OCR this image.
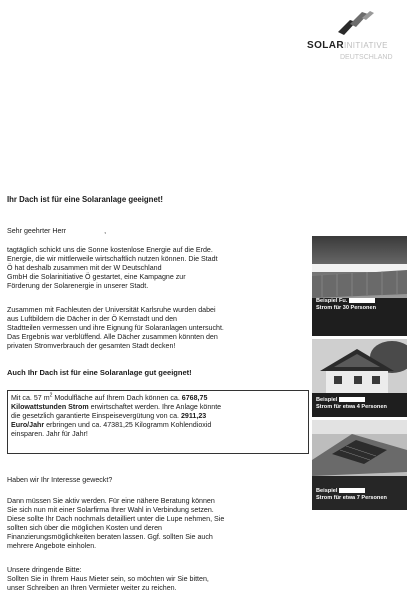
SOLARINITIATIVE
DEUTSCHLAND
Ihr Dach ist für eine Solaranlage geeignet!
Sehr geehrter Herr	,
tagtäglich schickt uns die Sonne kostenlose Energie auf die Erde.
Energie, die wir mittlerweile wirtschaftlich nutzen können. Die Stadt
Ö hat deshalb zusammen mit der W Deutschland
GmbH die Solarinitiative Ö gestartet, eine Kampagne zur
Förderung der Solarenergie in unserer Stadt.
Zusammen mit Fachleuten der Universität Karlsruhe wurden dabei
aus Luftbildern die Dächer in der Ö Kernstadt und den
Stadtteilen vermessen und ihre Eignung für Solaranlagen untersucht.
Das Ergebnis war verblüffend. Alle Dächer zusammen könnten den
privaten Stromverbrauch der gesamten Stadt decken!
Auch Ihr Dach ist für eine Solaranlage gut geeignet!
Mit ca. 57 $m^2$ Modulfläche auf Ihrem Dach können ca. 6768,75
Kilowattstunden Strom erwirtschaftet werden. Ihre Anlage könnte
die gesetzlich garantierte Einspeisevergütung von ca. 2911,23
Euro/Jahr erbringen und ca. 47381,25 Kilogramm Kohlendioxid
einsparen. Jahr für Jahr!
Haben wir Ihr Interesse geweckt?
Dann müssen Sie aktiv werden. Für eine nähere Beratung können
Sie sich nun mit einer Solarfirma Ihrer Wahl in Verbindung setzen.
Diese sollte Ihr Dach nochmals detailliert unter die Lupe nehmen, Sie
sollten sich über die möglichen Kosten und deren
Finanzierungsmöglichkeiten beraten lassen. Ggf. sollten Sie auch
mehrere Angebote einholen.
Unsere dringende Bitte:
Sollten Sie in Ihrem Haus Mieter sein, so möchten wir Sie bitten,
unser Schreiben an Ihren Vermieter weiter zu reichen.
Beispiel Fu.
Strom für 30 Personen
Beispiel
Strom für etwa 4 Personen
Beispiel
Strom für etwa 7 Personen
